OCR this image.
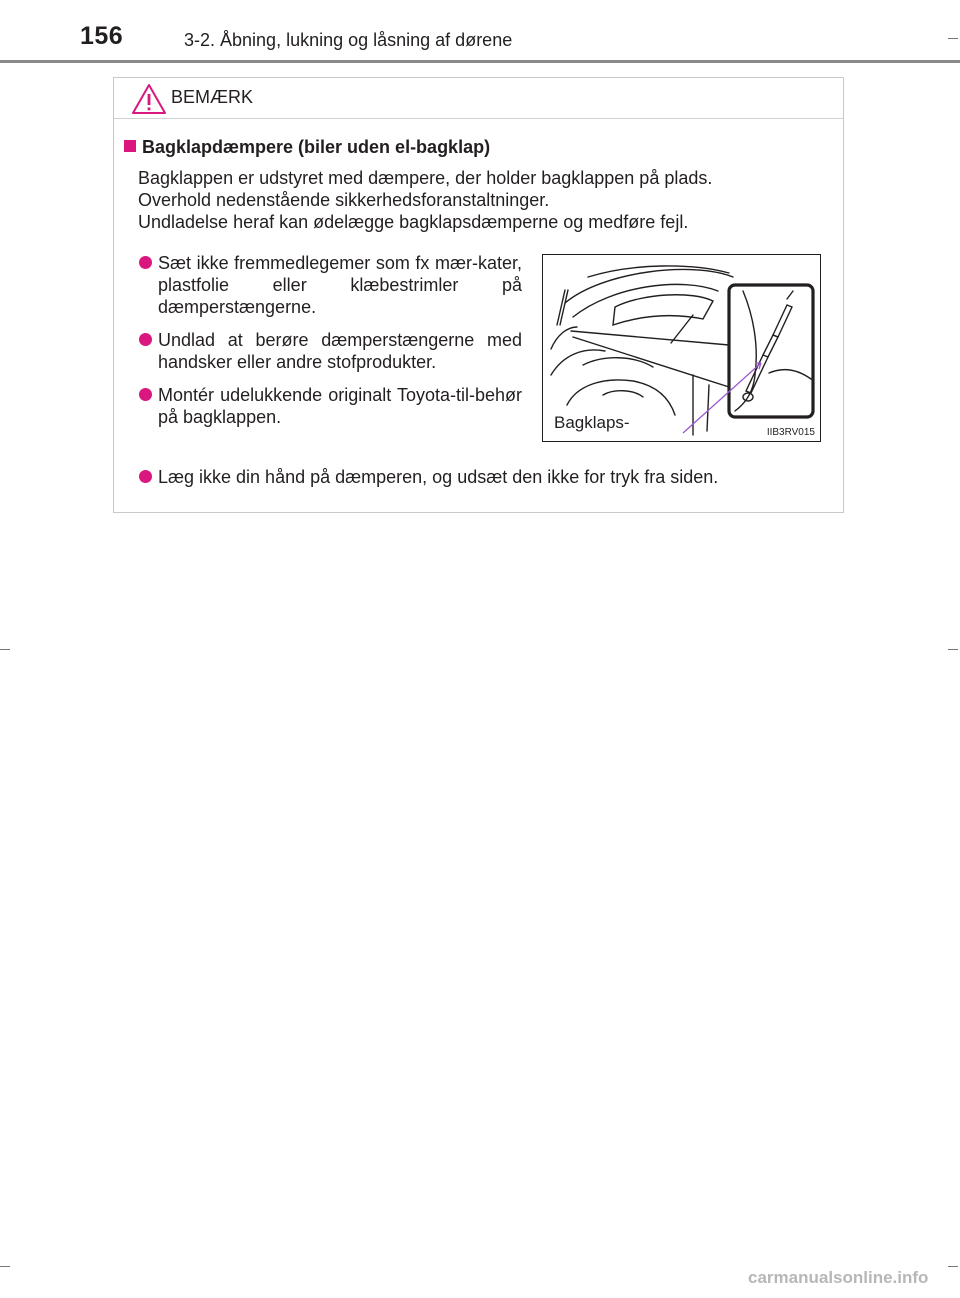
156	3-2. Åbning, lukning og låsning af dørene
BEMÆRK
Bagklapdæmpere (biler uden el-bagklap)
Bagklappen er udstyret med dæmpere, der holder bagklappen på plads.
Overhold nedenstående sikkerhedsforanstaltninger.
Undladelse heraf kan ødelægge bagklapsdæmperne og medføre fejl.
Sæt ikke fremmedlegemer som fx mær-kater, plastfolie eller klæbestrimler på dæmperstængerne.
Undlad at berøre dæmperstængerne med handsker eller andre stofprodukter.
Montér udelukkende originalt Toyota-til-behør på bagklappen.	Bagklaps-
IIB3RV015
Læg ikke din hånd på dæmperen, og udsæt den ikke for tryk fra siden.
carmanualsonline.info
